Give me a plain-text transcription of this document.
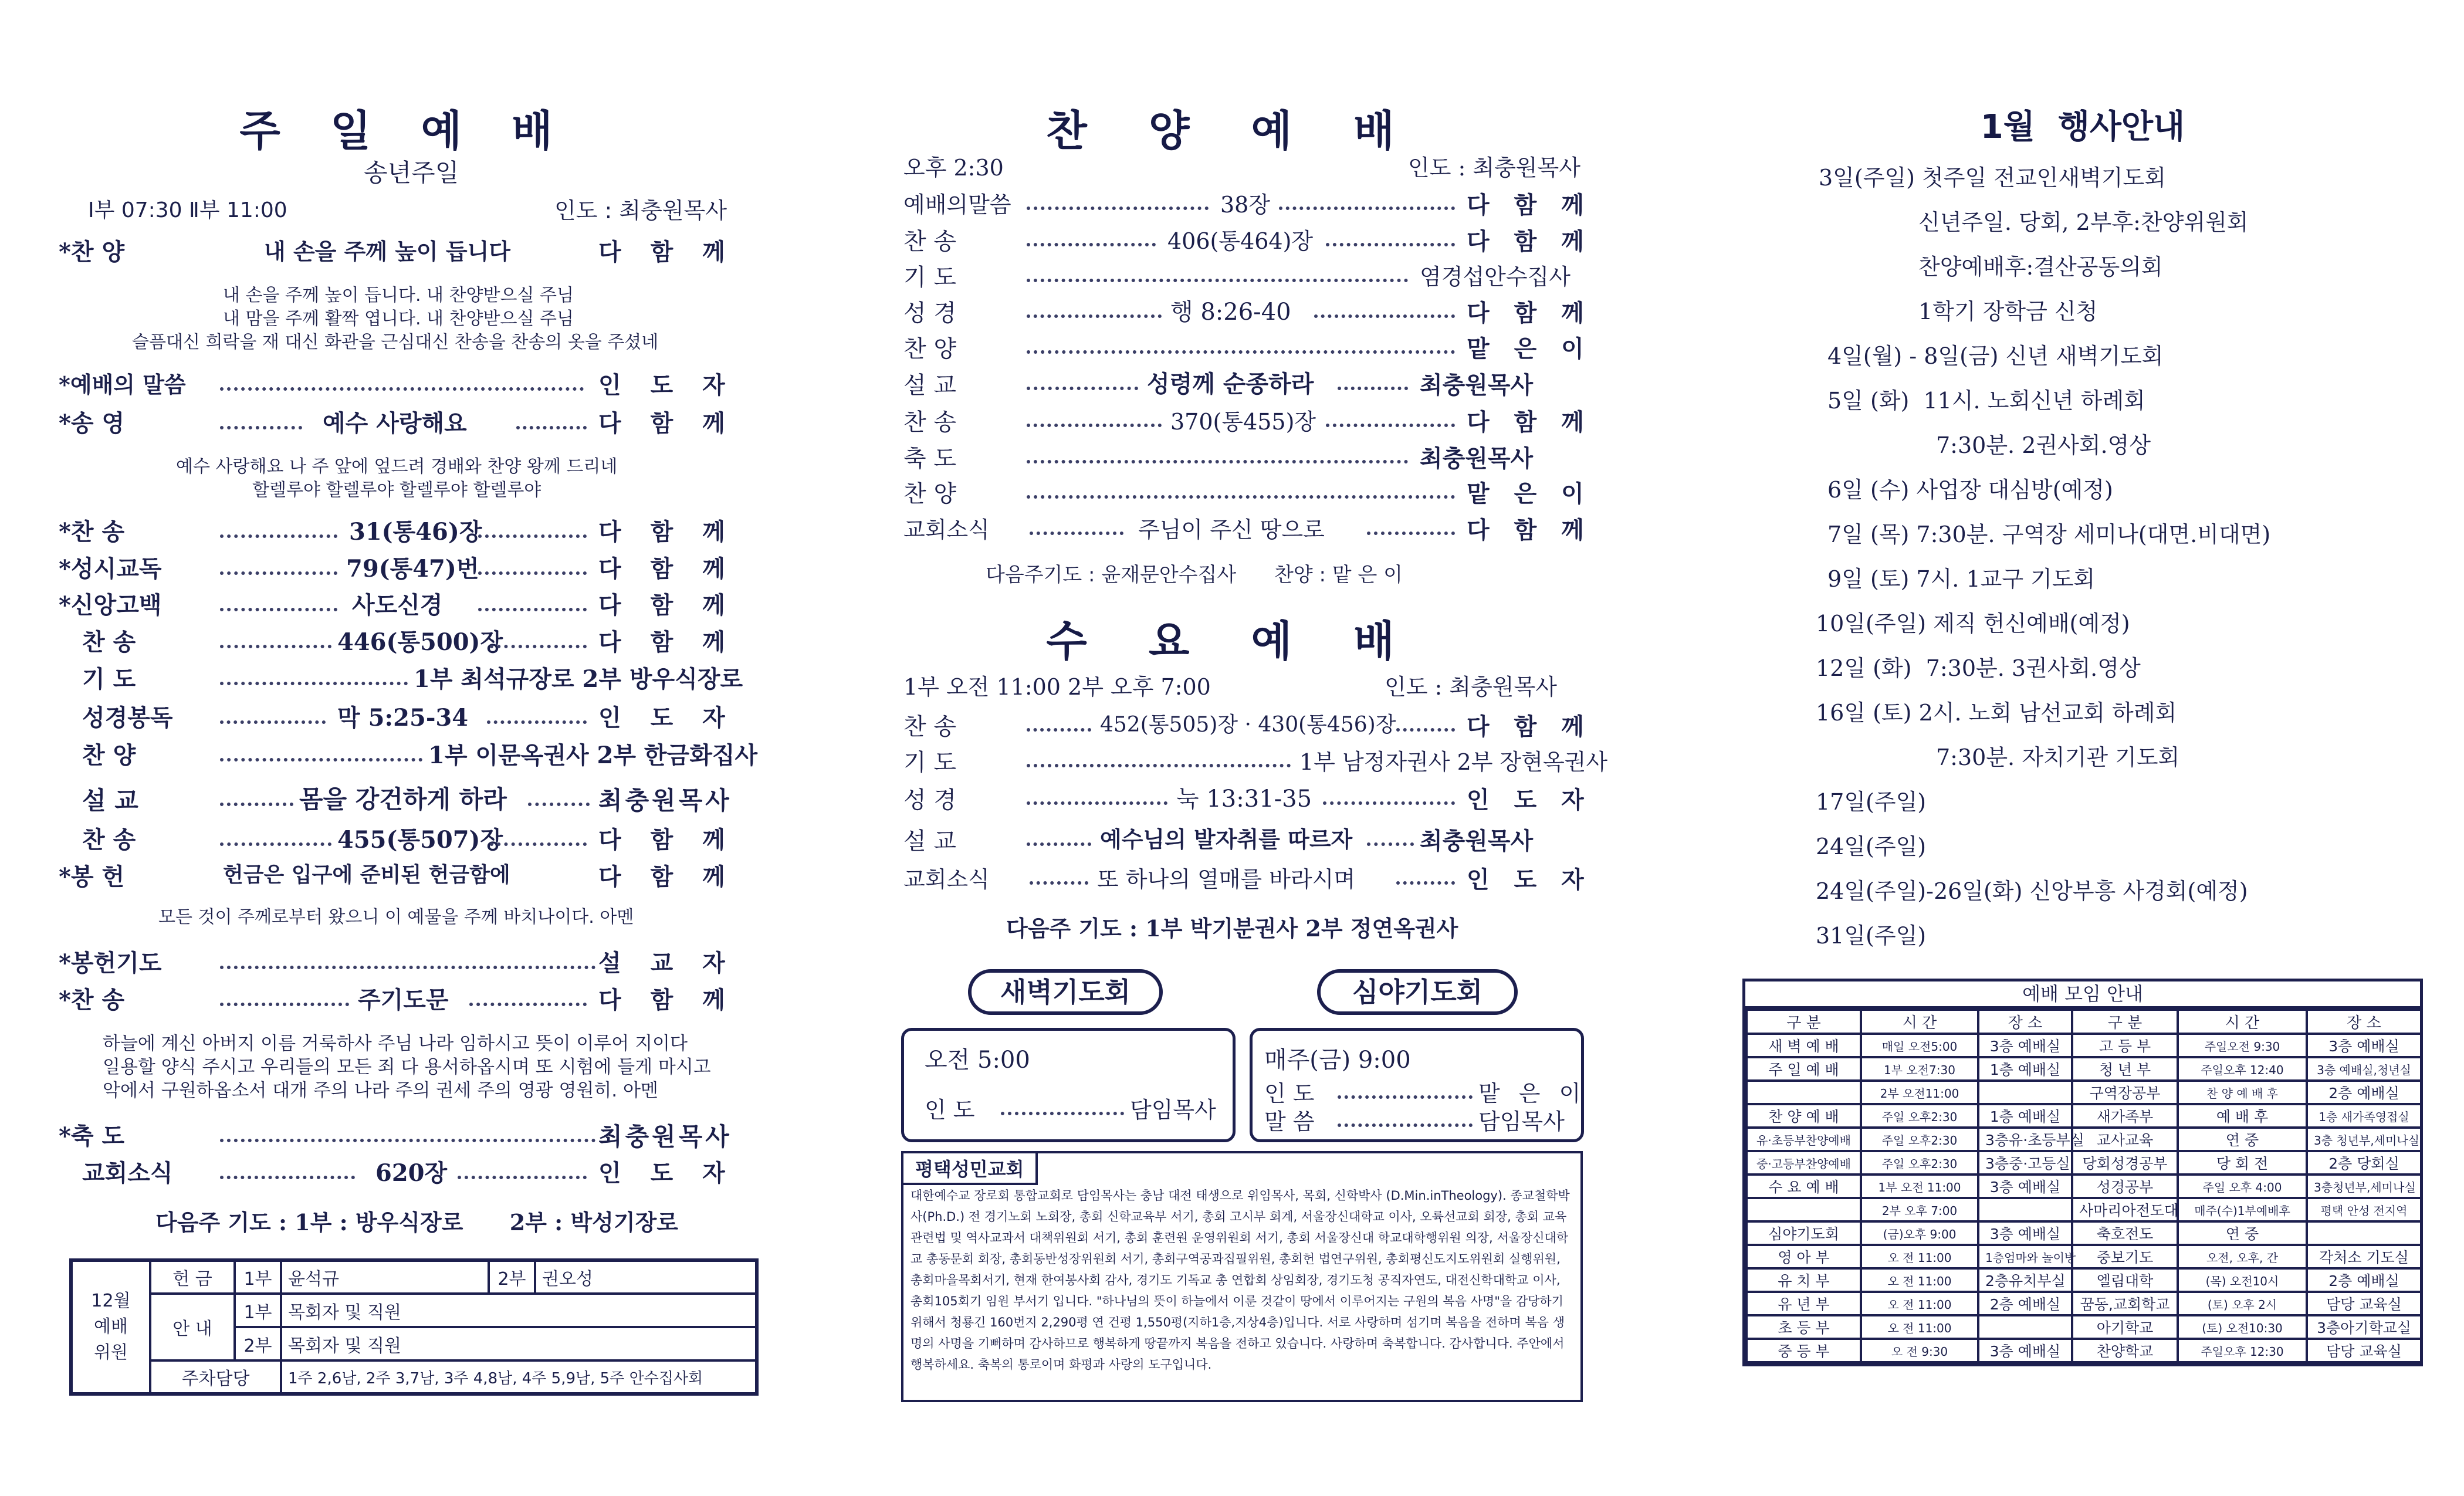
주 일 예 배
송년주일
Ⅰ부 07:30 Ⅱ부 11:00	인도 : 최충원목사
*찬 양	내 손을 주께 높이 듭니다	다 함 께
내 손을 주께 높이 듭니다. 내 찬양받으실 주님
내 맘을 주께 활짝 엽니다. 내 찬양받으실 주님
슬픔대신 희락을 재 대신 화관을 근심대신 찬송을 찬송의 옷을 주셨네
*예배의 말씀	인 도 자
*송 영	예수 사랑해요	다 함 께
예수 사랑해요 나 주 앞에 엎드려 경배와 찬양 왕께 드리네
할렐루야 할렐루야 할렐루야 할렐루야
*찬 송	31(통46)장	다 함 께
*성시교독	79(통47)번	다 함 께
*신앙고백	사도신경	다 함 께
찬 송	446(통500)장	다 함 께
기 도	1부 최석규장로 2부 방우식장로
성경봉독	막 5:25-34	인 도 자
찬 양	1부 이문옥권사 2부 한금화집사
설 교	몸을 강건하게 하라	최충원목사
찬 송	455(통507)장	다 함 께
*봉 헌	헌금은 입구에 준비된 헌금함에	다 함 께
모든 것이 주께로부터 왔으니 이 예물을 주께 바치나이다. 아멘
*봉헌기도	설 교 자
*찬 송	주기도문	다 함 께
하늘에 계신 아버지 이름 거룩하사 주님 나라 임하시고 뜻이 이루어 지이다
일용할 양식 주시고 우리들의 모든 죄 다 용서하옵시며 또 시험에 들게 마시고
악에서 구원하옵소서 대개 주의 나라 주의 권세 주의 영광 영원히. 아멘
*축 도	최충원목사
교회소식	620장	인 도 자
다음주 기도 : 1부 : 방우식장로      2부 : 박성기장로
12월
예배
위원	헌 금	1부	윤석규	2부	권오성
	안 내	1부	목회자 및 직원		
		2부	목회자 및 직원		
	주차담당		1주 2,6남, 2주 3,7남, 3주 4,8남, 4주 5,9남, 5주 안수집사회		
찬 양 예 배
오후 2:30	인도 : 최충원목사
예배의말씀	38장	다 함 께
찬 송	406(통464)장	다 함 께
기 도	염경섭안수집사
성 경	행 8:26-40	다 함 께
찬 양	맡 은 이
설 교	성령께 순종하라	최충원목사
찬 송	370(통455)장	다 함 께
축 도	최충원목사
찬 양	맡 은 이
교회소식	주님이 주신 땅으로	다 함 께
다음주기도 : 윤재문안수집사      찬양 : 맡 은 이
수 요 예 배
1부 오전 11:00 2부 오후 7:00	인도 : 최충원목사
찬 송	452(통505)장 · 430(통456)장	다 함 께
기 도	1부 남정자권사 2부 장현옥권사
성 경	눅 13:31-35	인 도 자
설 교	예수님의 발자취를 따르자	최충원목사
교회소식	또 하나의 열매를 바라시며	인 도 자
다음주 기도 : 1부 박기분권사 2부 정연옥권사
새벽기도회	심야기도회
오전 5:00
인 도	담임목사
매주(금) 9:00
인 도	맡 은 이
말 씀	담임목사
평택성민교회
대한예수교 장로회 통합교회로 담임목사는 충남 대전 태생으로 위임목사, 목회, 신학박사 (D.Min.inTheology). 종교철학박사(Ph.D.) 전 경기노회 노회장, 총회 신학교육부 서기, 총회 고시부 회계, 서울장신대학교 이사, 오륙선교회 회장, 총회 교육관련법 및 역사교과서 대책위원회 서기, 총회 훈련원 운영위원회 서기, 총회 서울장신대 학교대학행위원 의장, 서울장신대학교 총동문회 회장, 총회동반성장위원회 서기, 총회구역공과집필위원, 총회헌 법연구위원, 총회평신도지도위원회 실행위원, 총회마을목회서기, 현재 한여봉사회 감사, 경기도 기독교 총 연합회 상임회장, 경기도청 공직자연도, 대전신학대학교 이사, 총회105회기 임원 부서기 입니다. "하나님의 뜻이 하늘에서 이룬 것같이 땅에서 이루어지는 구원의 복음 사명"을 감당하기 위해서 청룡긴 160번지 2,290평 연 건평 1,550평(지하1층,지상4층)입니다. 서로 사랑하며 섬기며 복음을 전하며 복음 생명의 사명을 기뻐하며 감사하므로 행복하게 땅끝까지 복음을 전하고 있습니다. 사랑하며 축복합니다. 감사합니다. 주안에서 행복하세요. 축복의 통로이며 화평과 사랑의 도구입니다.
1월  행사안내
3일(주일) 첫주일 전교인새벽기도회
신년주일. 당회, 2부후:찬양위원회
찬양예배후:결산공동의회
1학기 장학금 신청
4일(월) - 8일(금) 신년 새벽기도회
5일 (화)  11시. 노회신년 하례회
7:30분. 2권사회.영상
6일 (수) 사업장 대심방(예정)
7일 (목) 7:30분. 구역장 세미나(대면.비대면)
9일 (토) 7시. 1교구 기도회
10일(주일) 제직 헌신예배(예정)
12일 (화)  7:30분. 3권사회.영상
16일 (토) 2시. 노회 남선교회 하례회
7:30분. 자치기관 기도회
17일(주일)
24일(주일)
24일(주일)-26일(화) 신앙부흥 사경회(예정)
31일(주일)
예배 모임 안내
구 분	시 간	장 소	구 분	시 간	장 소
새 벽 예 배	매일 오전5:00	3층 예배실	고 등 부	주일오전 9:30	3층 예배실
주 일 예 배	1부 오전7:30	1층 예배실	청 년 부	주일오후 12:40	3층 예배실,청년실
	2부 오전11:00		구역장공부	찬 양 예 배 후	2층 예배실
찬 양 예 배	주일 오후2:30	1층 예배실	새가족부	예 배 후	1층 새가족영접실
유·초등부찬양예배	주일 오후2:30	3층유·초등부실	교사교육	연 중	3층 청년부,세미나실
중·고등부찬양예배	주일 오후2:30	3층중·고등실	당회성경공부	당 회 전	2층 당회실
수 요 예 배	1부 오전 11:00	3층 예배실	성경공부	주일 오후 4:00	3층청년부,세미나실
	2부 오후 7:00		사마리아전도대	매주(수)1부예배후	평택 안성 전지역
심야기도회	(금)오후 9:00	3층 예배실	축호전도	연 중	
영 아 부	오 전 11:00	1층엄마와 놀이방	중보기도	오전, 오후, 간	각처소 기도실
유 치 부	오 전 11:00	2층유치부실	엘림대학	(목) 오전10시	2층 예배실
유 년 부	오 전 11:00	2층 예배실	꿈동,교회학교	(토) 오후 2시	담당 교육실
초 등 부	오 전 11:00		아기학교	(토) 오전10:30	3층아기학교실
중 등 부	오 전 9:30	3층 예배실	찬양학교	주일오후 12:30	담당 교육실
